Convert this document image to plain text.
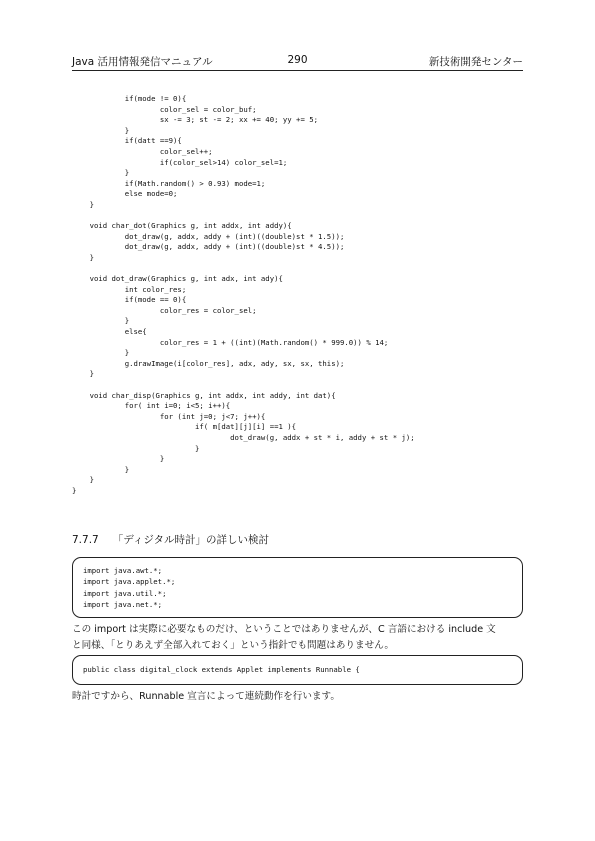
Java 活用情報発信マニュアル	290	新技術開発センター
if(mode != 0){
color_sel = color_buf;
sx -= 3; st -= 2; xx += 40; yy += 5;
}
if(datt ==9){
color_sel++;
if(color_sel>14) color_sel=1;
}
if(Math.random() > 0.93) mode=1;
else mode=0;
}

void char_dot(Graphics g, int addx, int addy){
dot_draw(g, addx, addy + (int)((double)st * 1.5));
dot_draw(g, addx, addy + (int)((double)st * 4.5));
}

void dot_draw(Graphics g, int adx, int ady){
int color_res;
if(mode == 0){
color_res = color_sel;
}
else{
color_res = 1 + ((int)(Math.random() * 999.0)) % 14;
}
g.drawImage(i[color_res], adx, ady, sx, sx, this);
}

void char_disp(Graphics g, int addx, int addy, int dat){
for( int i=0; i<5; i++){
for (int j=0; j<7; j++){
if( m[dat][j][i] ==1 ){
dot_draw(g, addx + st * i, addy + st * j);
}
}
}
}
}
7.7.7 「ディジタル時計」の詳しい検討
import java.awt.*;
import java.applet.*;
import java.util.*;
import java.net.*;
この import は実際に必要なものだけ、ということではありませんが、C 言語における include 文
と同様、「とりあえず全部入れておく」という指針でも問題はありません。
public class digital_clock extends Applet implements Runnable {
時計ですから、Runnable 宣言によって連続動作を行います。
